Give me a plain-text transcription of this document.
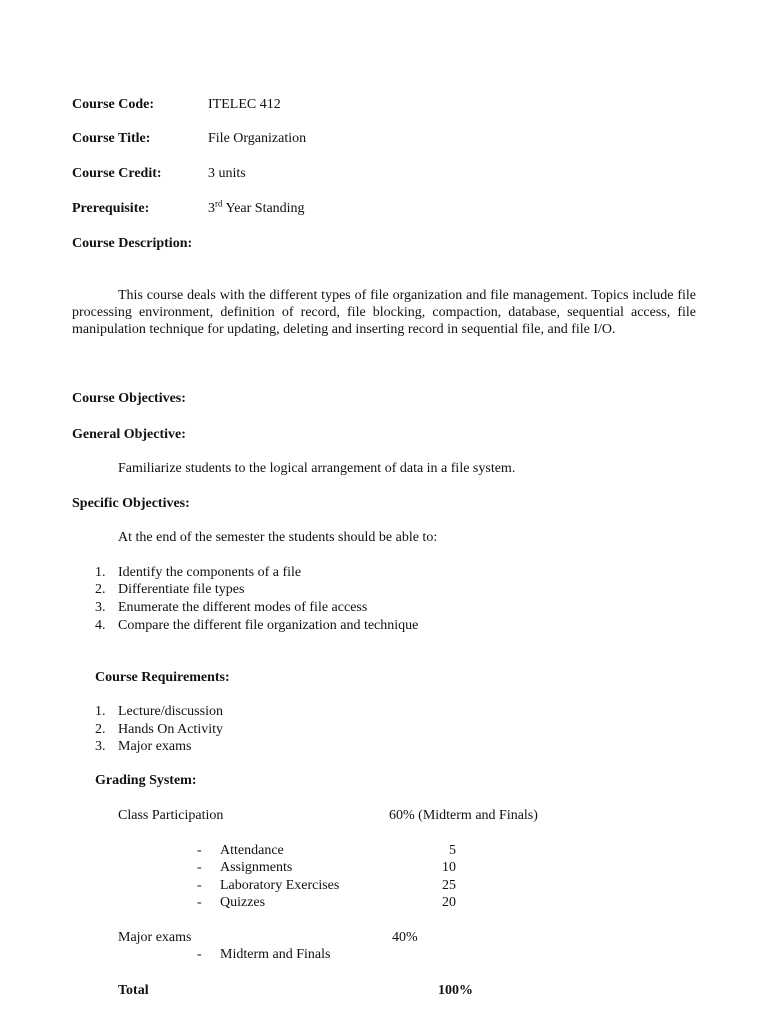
Course Code:	ITELEC 412
Course Title:	File Organization
Course Credit:	3 units
Prerequisite:	3rd Year Standing
Course Description:
This course deals with the different types of file organization and file management. Topics include file processing environment, definition of record, file blocking, compaction, database, sequential access, file manipulation technique for updating, deleting and inserting record in sequential file, and file I/O.
Course Objectives:
General Objective:
Familiarize students to the logical arrangement of data in a file system.
Specific Objectives:
At the end of the semester the students should be able to:
1. Identify the components of a file
2. Differentiate file types
3. Enumerate the different modes of file access
4. Compare the different file organization and technique
Course Requirements:
1. Lecture/discussion
2. Hands On Activity
3. Major exams
Grading System:
Class Participation	60% (Midterm and Finals)
- Attendance	5
- Assignments	10
- Laboratory Exercises	25
- Quizzes	20
Major exams	40%
- Midterm and Finals
Total	100%
